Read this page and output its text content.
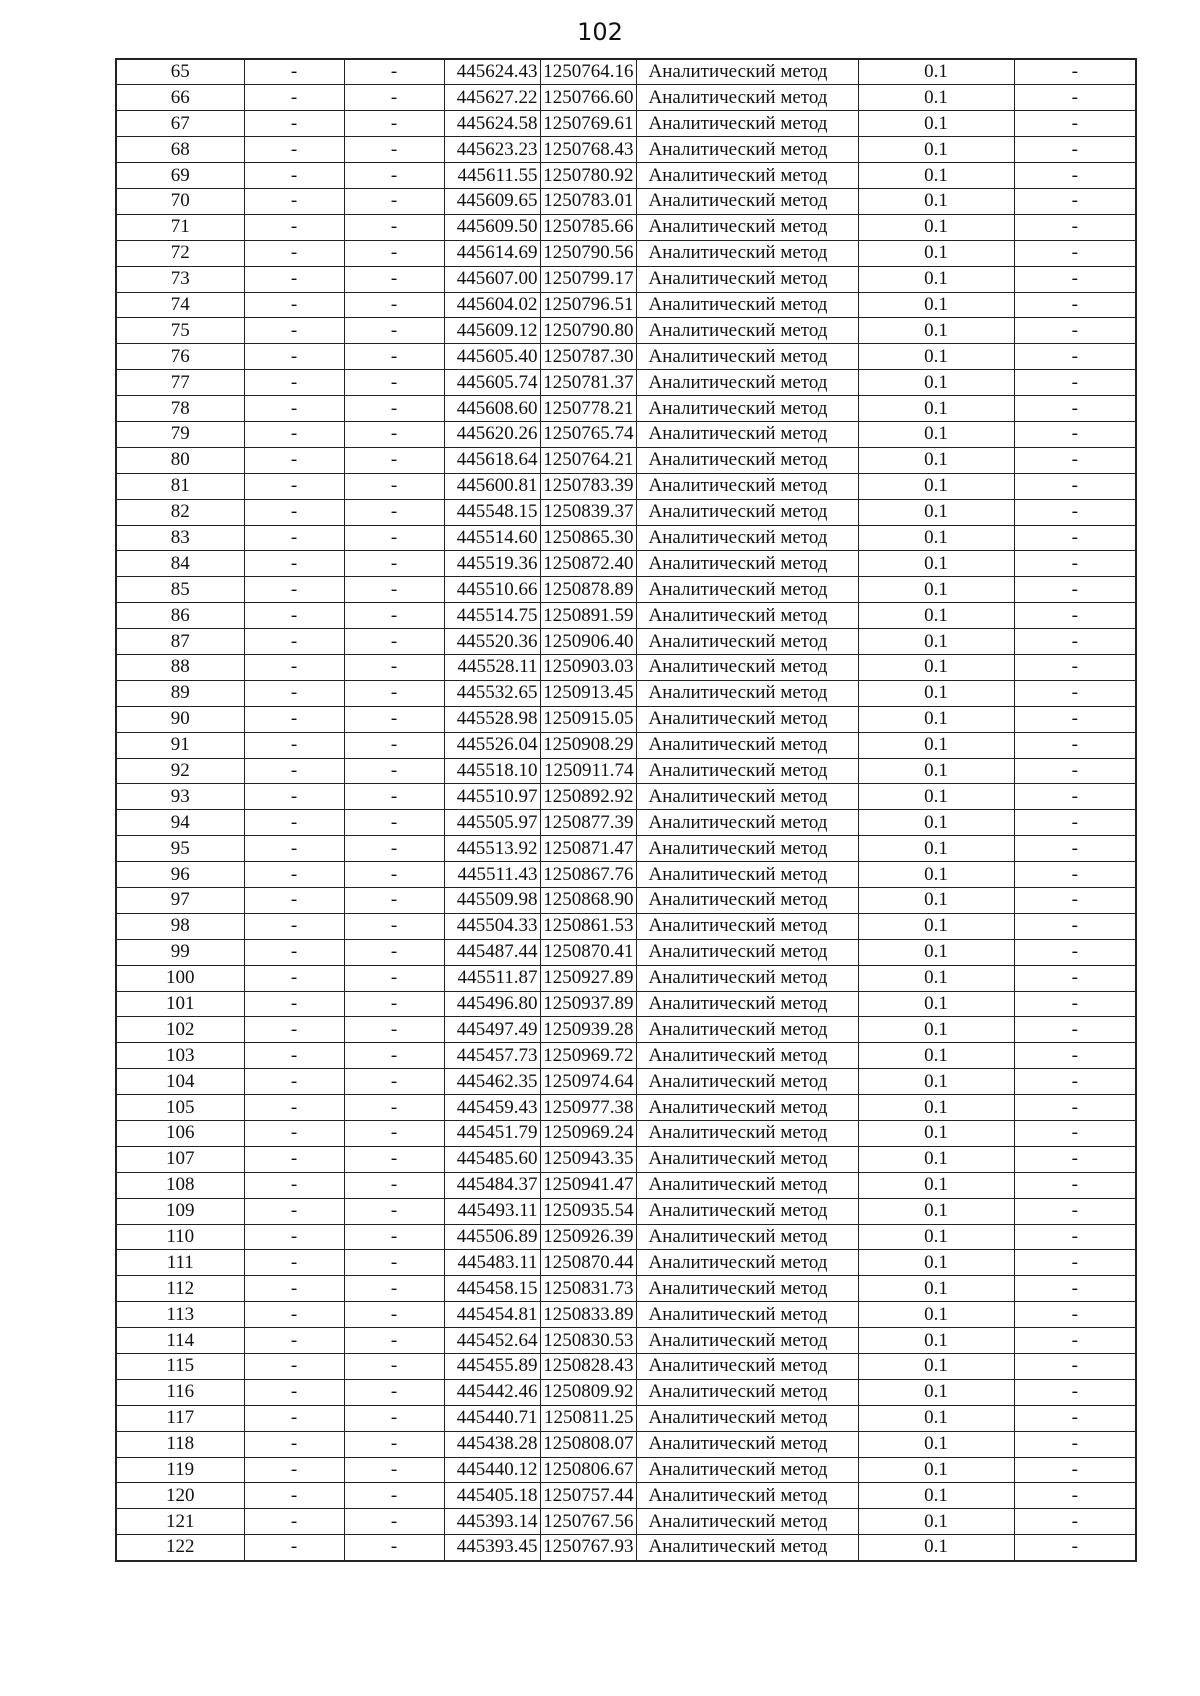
102
65	-	-	445624.43	1250764.16	Аналитический метод	0.1	-
66	-	-	445627.22	1250766.60	Аналитический метод	0.1	-
67	-	-	445624.58	1250769.61	Аналитический метод	0.1	-
68	-	-	445623.23	1250768.43	Аналитический метод	0.1	-
69	-	-	445611.55	1250780.92	Аналитический метод	0.1	-
70	-	-	445609.65	1250783.01	Аналитический метод	0.1	-
71	-	-	445609.50	1250785.66	Аналитический метод	0.1	-
72	-	-	445614.69	1250790.56	Аналитический метод	0.1	-
73	-	-	445607.00	1250799.17	Аналитический метод	0.1	-
74	-	-	445604.02	1250796.51	Аналитический метод	0.1	-
75	-	-	445609.12	1250790.80	Аналитический метод	0.1	-
76	-	-	445605.40	1250787.30	Аналитический метод	0.1	-
77	-	-	445605.74	1250781.37	Аналитический метод	0.1	-
78	-	-	445608.60	1250778.21	Аналитический метод	0.1	-
79	-	-	445620.26	1250765.74	Аналитический метод	0.1	-
80	-	-	445618.64	1250764.21	Аналитический метод	0.1	-
81	-	-	445600.81	1250783.39	Аналитический метод	0.1	-
82	-	-	445548.15	1250839.37	Аналитический метод	0.1	-
83	-	-	445514.60	1250865.30	Аналитический метод	0.1	-
84	-	-	445519.36	1250872.40	Аналитический метод	0.1	-
85	-	-	445510.66	1250878.89	Аналитический метод	0.1	-
86	-	-	445514.75	1250891.59	Аналитический метод	0.1	-
87	-	-	445520.36	1250906.40	Аналитический метод	0.1	-
88	-	-	445528.11	1250903.03	Аналитический метод	0.1	-
89	-	-	445532.65	1250913.45	Аналитический метод	0.1	-
90	-	-	445528.98	1250915.05	Аналитический метод	0.1	-
91	-	-	445526.04	1250908.29	Аналитический метод	0.1	-
92	-	-	445518.10	1250911.74	Аналитический метод	0.1	-
93	-	-	445510.97	1250892.92	Аналитический метод	0.1	-
94	-	-	445505.97	1250877.39	Аналитический метод	0.1	-
95	-	-	445513.92	1250871.47	Аналитический метод	0.1	-
96	-	-	445511.43	1250867.76	Аналитический метод	0.1	-
97	-	-	445509.98	1250868.90	Аналитический метод	0.1	-
98	-	-	445504.33	1250861.53	Аналитический метод	0.1	-
99	-	-	445487.44	1250870.41	Аналитический метод	0.1	-
100	-	-	445511.87	1250927.89	Аналитический метод	0.1	-
101	-	-	445496.80	1250937.89	Аналитический метод	0.1	-
102	-	-	445497.49	1250939.28	Аналитический метод	0.1	-
103	-	-	445457.73	1250969.72	Аналитический метод	0.1	-
104	-	-	445462.35	1250974.64	Аналитический метод	0.1	-
105	-	-	445459.43	1250977.38	Аналитический метод	0.1	-
106	-	-	445451.79	1250969.24	Аналитический метод	0.1	-
107	-	-	445485.60	1250943.35	Аналитический метод	0.1	-
108	-	-	445484.37	1250941.47	Аналитический метод	0.1	-
109	-	-	445493.11	1250935.54	Аналитический метод	0.1	-
110	-	-	445506.89	1250926.39	Аналитический метод	0.1	-
111	-	-	445483.11	1250870.44	Аналитический метод	0.1	-
112	-	-	445458.15	1250831.73	Аналитический метод	0.1	-
113	-	-	445454.81	1250833.89	Аналитический метод	0.1	-
114	-	-	445452.64	1250830.53	Аналитический метод	0.1	-
115	-	-	445455.89	1250828.43	Аналитический метод	0.1	-
116	-	-	445442.46	1250809.92	Аналитический метод	0.1	-
117	-	-	445440.71	1250811.25	Аналитический метод	0.1	-
118	-	-	445438.28	1250808.07	Аналитический метод	0.1	-
119	-	-	445440.12	1250806.67	Аналитический метод	0.1	-
120	-	-	445405.18	1250757.44	Аналитический метод	0.1	-
121	-	-	445393.14	1250767.56	Аналитический метод	0.1	-
122	-	-	445393.45	1250767.93	Аналитический метод	0.1	-
